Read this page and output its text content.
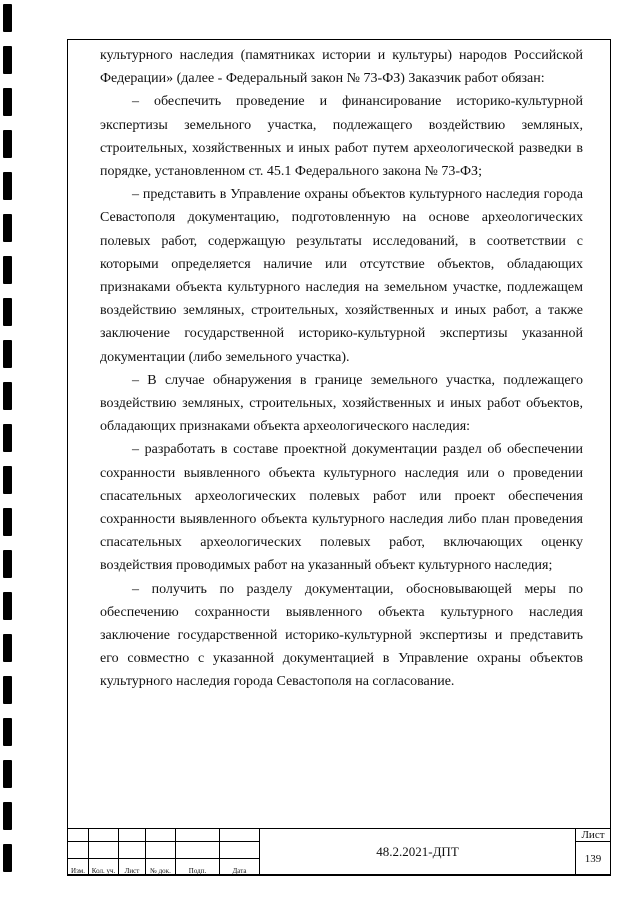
культурного наследия (памятниках истории и культуры) народов Российской Федерации» (далее - Федеральный закон № 73-ФЗ) Заказчик работ обязан:

– обеспечить проведение и финансирование историко-культурной экспертизы земельного участка, подлежащего воздействию земляных, строительных, хозяйственных и иных работ путем археологической разведки в порядке, установленном ст. 45.1 Федерального закона № 73-ФЗ;

– представить в Управление охраны объектов культурного наследия города Севастополя документацию, подготовленную на основе археологических полевых работ, содержащую результаты исследований, в соответствии с которыми определяется наличие или отсутствие объектов, обладающих признаками объекта культурного наследия на земельном участке, подлежащем воздействию земляных, строительных, хозяйственных и иных работ, а также заключение государственной историко-культурной экспертизы указанной документации (либо земельного участка).

– В случае обнаружения в границе земельного участка, подлежащего воздействию земляных, строительных, хозяйственных и иных работ объектов, обладающих признаками объекта археологического наследия:

– разработать в составе проектной документации раздел об обеспечении сохранности выявленного объекта культурного наследия или о проведении спасательных археологических полевых работ или проект обеспечения сохранности выявленного объекта культурного наследия либо план проведения спасательных археологических полевых работ, включающих оценку воздействия проводимых работ на указанный объект культурного наследия;

– получить по разделу документации, обосновывающей меры по обеспечению сохранности выявленного объекта культурного наследия заключение государственной историко-культурной экспертизы и представить его совместно с указанной документацией в Управление охраны объектов культурного наследия города Севастополя на согласование.

						48.2.2021-ДПТ	Лист
							139
Изм.	Кол. уч.	Лист	№ док.	Подп.	Дата		
